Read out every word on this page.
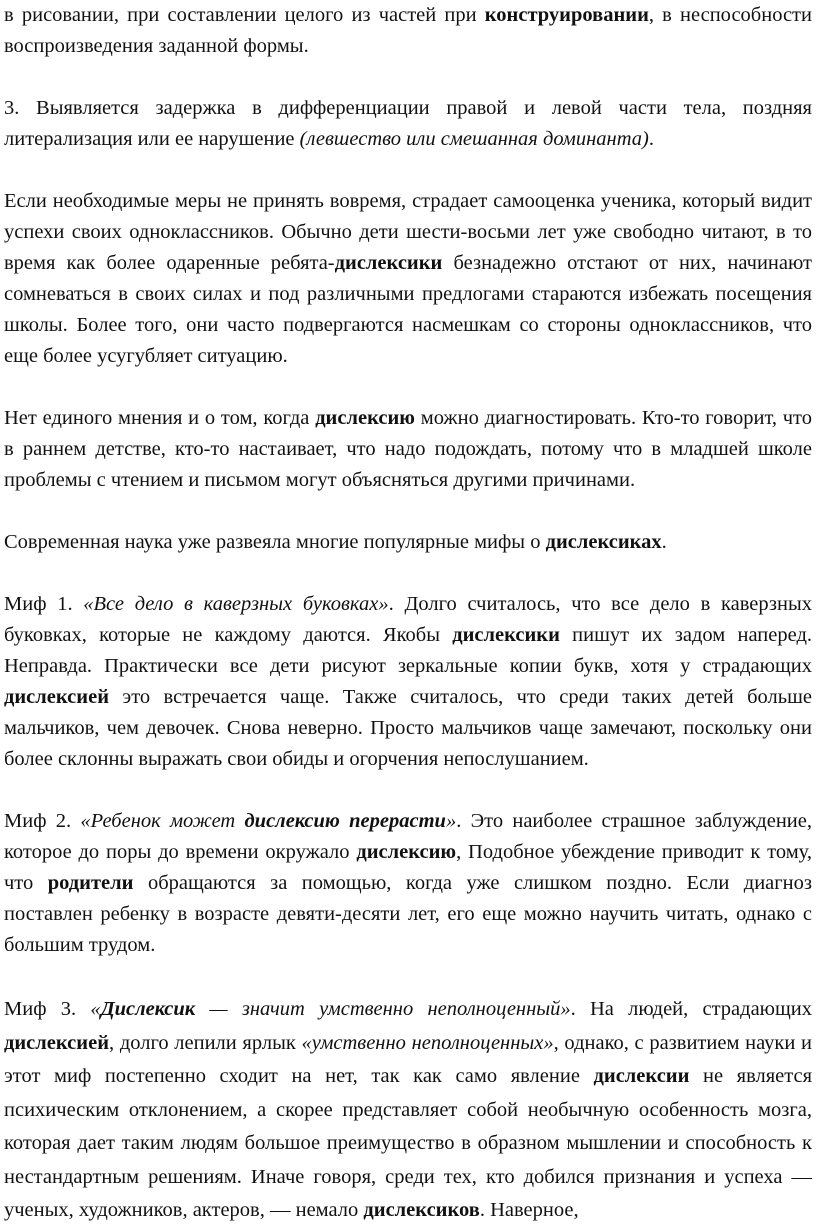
в рисовании, при составлении целого из частей при конструировании, в неспособности воспроизведения заданной формы.

3. Выявляется задержка в дифференциации правой и левой части тела, поздняя литерализация или ее нарушение (левшество или смешанная доминанта).

Если необходимые меры не принять вовремя, страдает самооценка ученика, который видит успехи своих одноклассников. Обычно дети шести-восьми лет уже свободно читают, в то время как более одаренные ребята-дислексики безнадежно отстают от них, начинают сомневаться в своих силах и под различными предлогами стараются избежать посещения школы. Более того, они часто подвергаются насмешкам со стороны одноклассников, что еще более усугубляет ситуацию.

Нет единого мнения и о том, когда дислексию можно диагностировать. Кто-то говорит, что в раннем детстве, кто-то настаивает, что надо подождать, потому что в младшей школе проблемы с чтением и письмом могут объясняться другими причинами.

Современная наука уже развеяла многие популярные мифы о дислексиках.

Миф 1. «Все дело в каверзных буковках». Долго считалось, что все дело в каверзных буковках, которые не каждому даются. Якобы дислексики пишут их задом наперед. Неправда. Практически все дети рисуют зеркальные копии букв, хотя у страдающих дислексией это встречается чаще. Также считалось, что среди таких детей больше мальчиков, чем девочек. Снова неверно. Просто мальчиков чаще замечают, поскольку они более склонны выражать свои обиды и огорчения непослушанием.

Миф 2. «Ребенок может дислексию перерасти». Это наиболее страшное заблуждение, которое до поры до времени окружало дислексию, Подобное убеждение приводит к тому, что родители обращаются за помощью, когда уже слишком поздно. Если диагноз поставлен ребенку в возрасте девяти-десяти лет, его еще можно научить читать, однако с большим трудом.

Миф 3. «Дислексик — значит умственно неполноценный». На людей, страдающих дислексией, долго лепили ярлык «умственно неполноценных», однако, с развитием науки и этот миф постепенно сходит на нет, так как само явление дислексии не является психическим отклонением, а скорее представляет собой необычную особенность мозга, которая дает таким людям большое преимущество в образном мышлении и способность к нестандартным решениям. Иначе говоря, среди тех, кто добился признания и успеха — ученых, художников, актеров, — немало дислексиков. Наверное,
